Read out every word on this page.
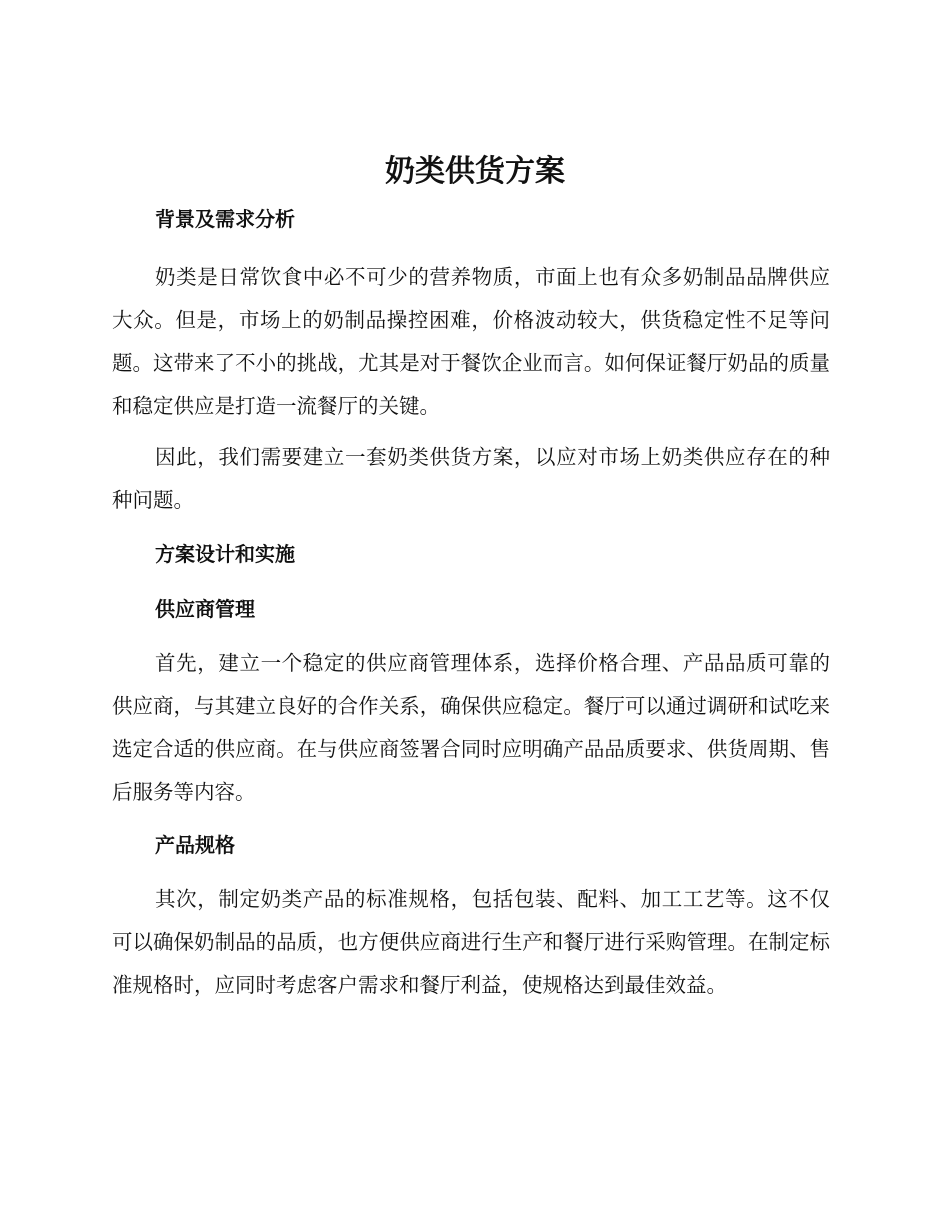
奶类供货方案
背景及需求分析

奶类是日常饮食中必不可少的营养物质，市面上也有众多奶制品品牌供应大众。但是，市场上的奶制品操控困难，价格波动较大，供货稳定性不足等问题。这带来了不小的挑战，尤其是对于餐饮企业而言。如何保证餐厅奶品的质量和稳定供应是打造一流餐厅的关键。

因此，我们需要建立一套奶类供货方案，以应对市场上奶类供应存在的种种问题。

方案设计和实施
供应商管理

首先，建立一个稳定的供应商管理体系，选择价格合理、产品品质可靠的供应商，与其建立良好的合作关系，确保供应稳定。餐厅可以通过调研和试吃来选定合适的供应商。在与供应商签署合同时应明确产品品质要求、供货周期、售后服务等内容。

产品规格

其次，制定奶类产品的标准规格，包括包装、配料、加工工艺等。这不仅可以确保奶制品的品质，也方便供应商进行生产和餐厅进行采购管理。在制定标准规格时，应同时考虑客户需求和餐厅利益，使规格达到最佳效益。
